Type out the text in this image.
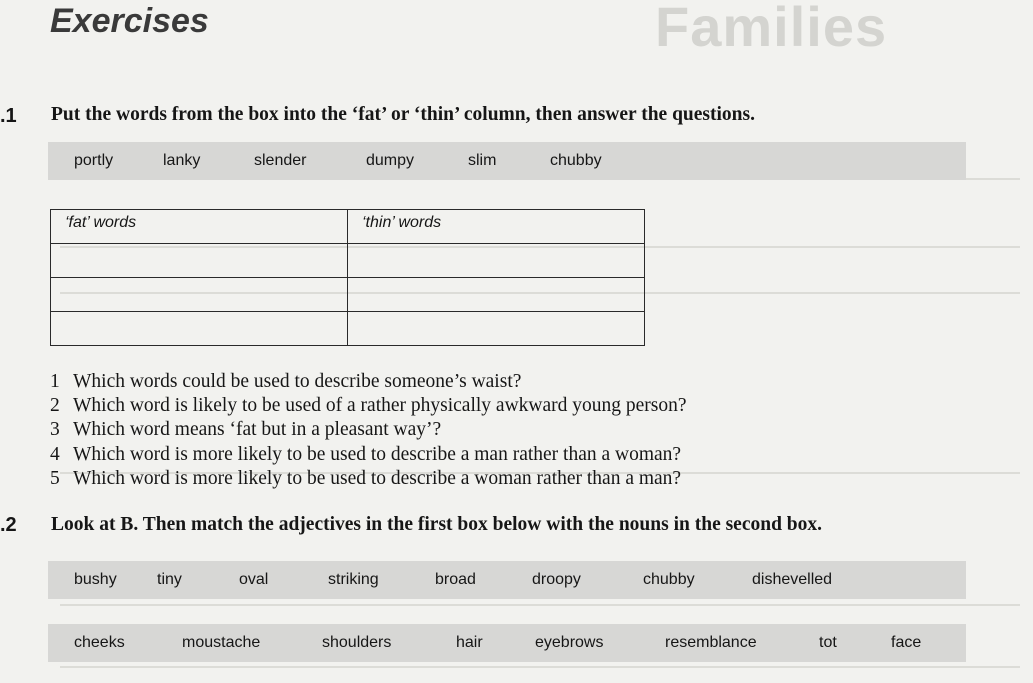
Families
Exercises
.1 Put the words from the box into the ‘fat’ or ‘thin’ column, then answer the questions.
portly	lanky	slender	dumpy	slim	chubby
‘fat’ words	‘thin’ words

1 Which words could be used to describe someone’s waist?
2 Which word is likely to be used of a rather physically awkward young person?
3 Which word means ‘fat but in a pleasant way’?
4 Which word is more likely to be used to describe a man rather than a woman?
5 Which word is more likely to be used to describe a woman rather than a man?
.2 Look at B. Then match the adjectives in the first box below with the nouns in the second box.
bushy	tiny	oval	striking	broad	droopy	chubby	dishevelled
cheeks	moustache	shoulders	hair	eyebrows	resemblance	tot	face
